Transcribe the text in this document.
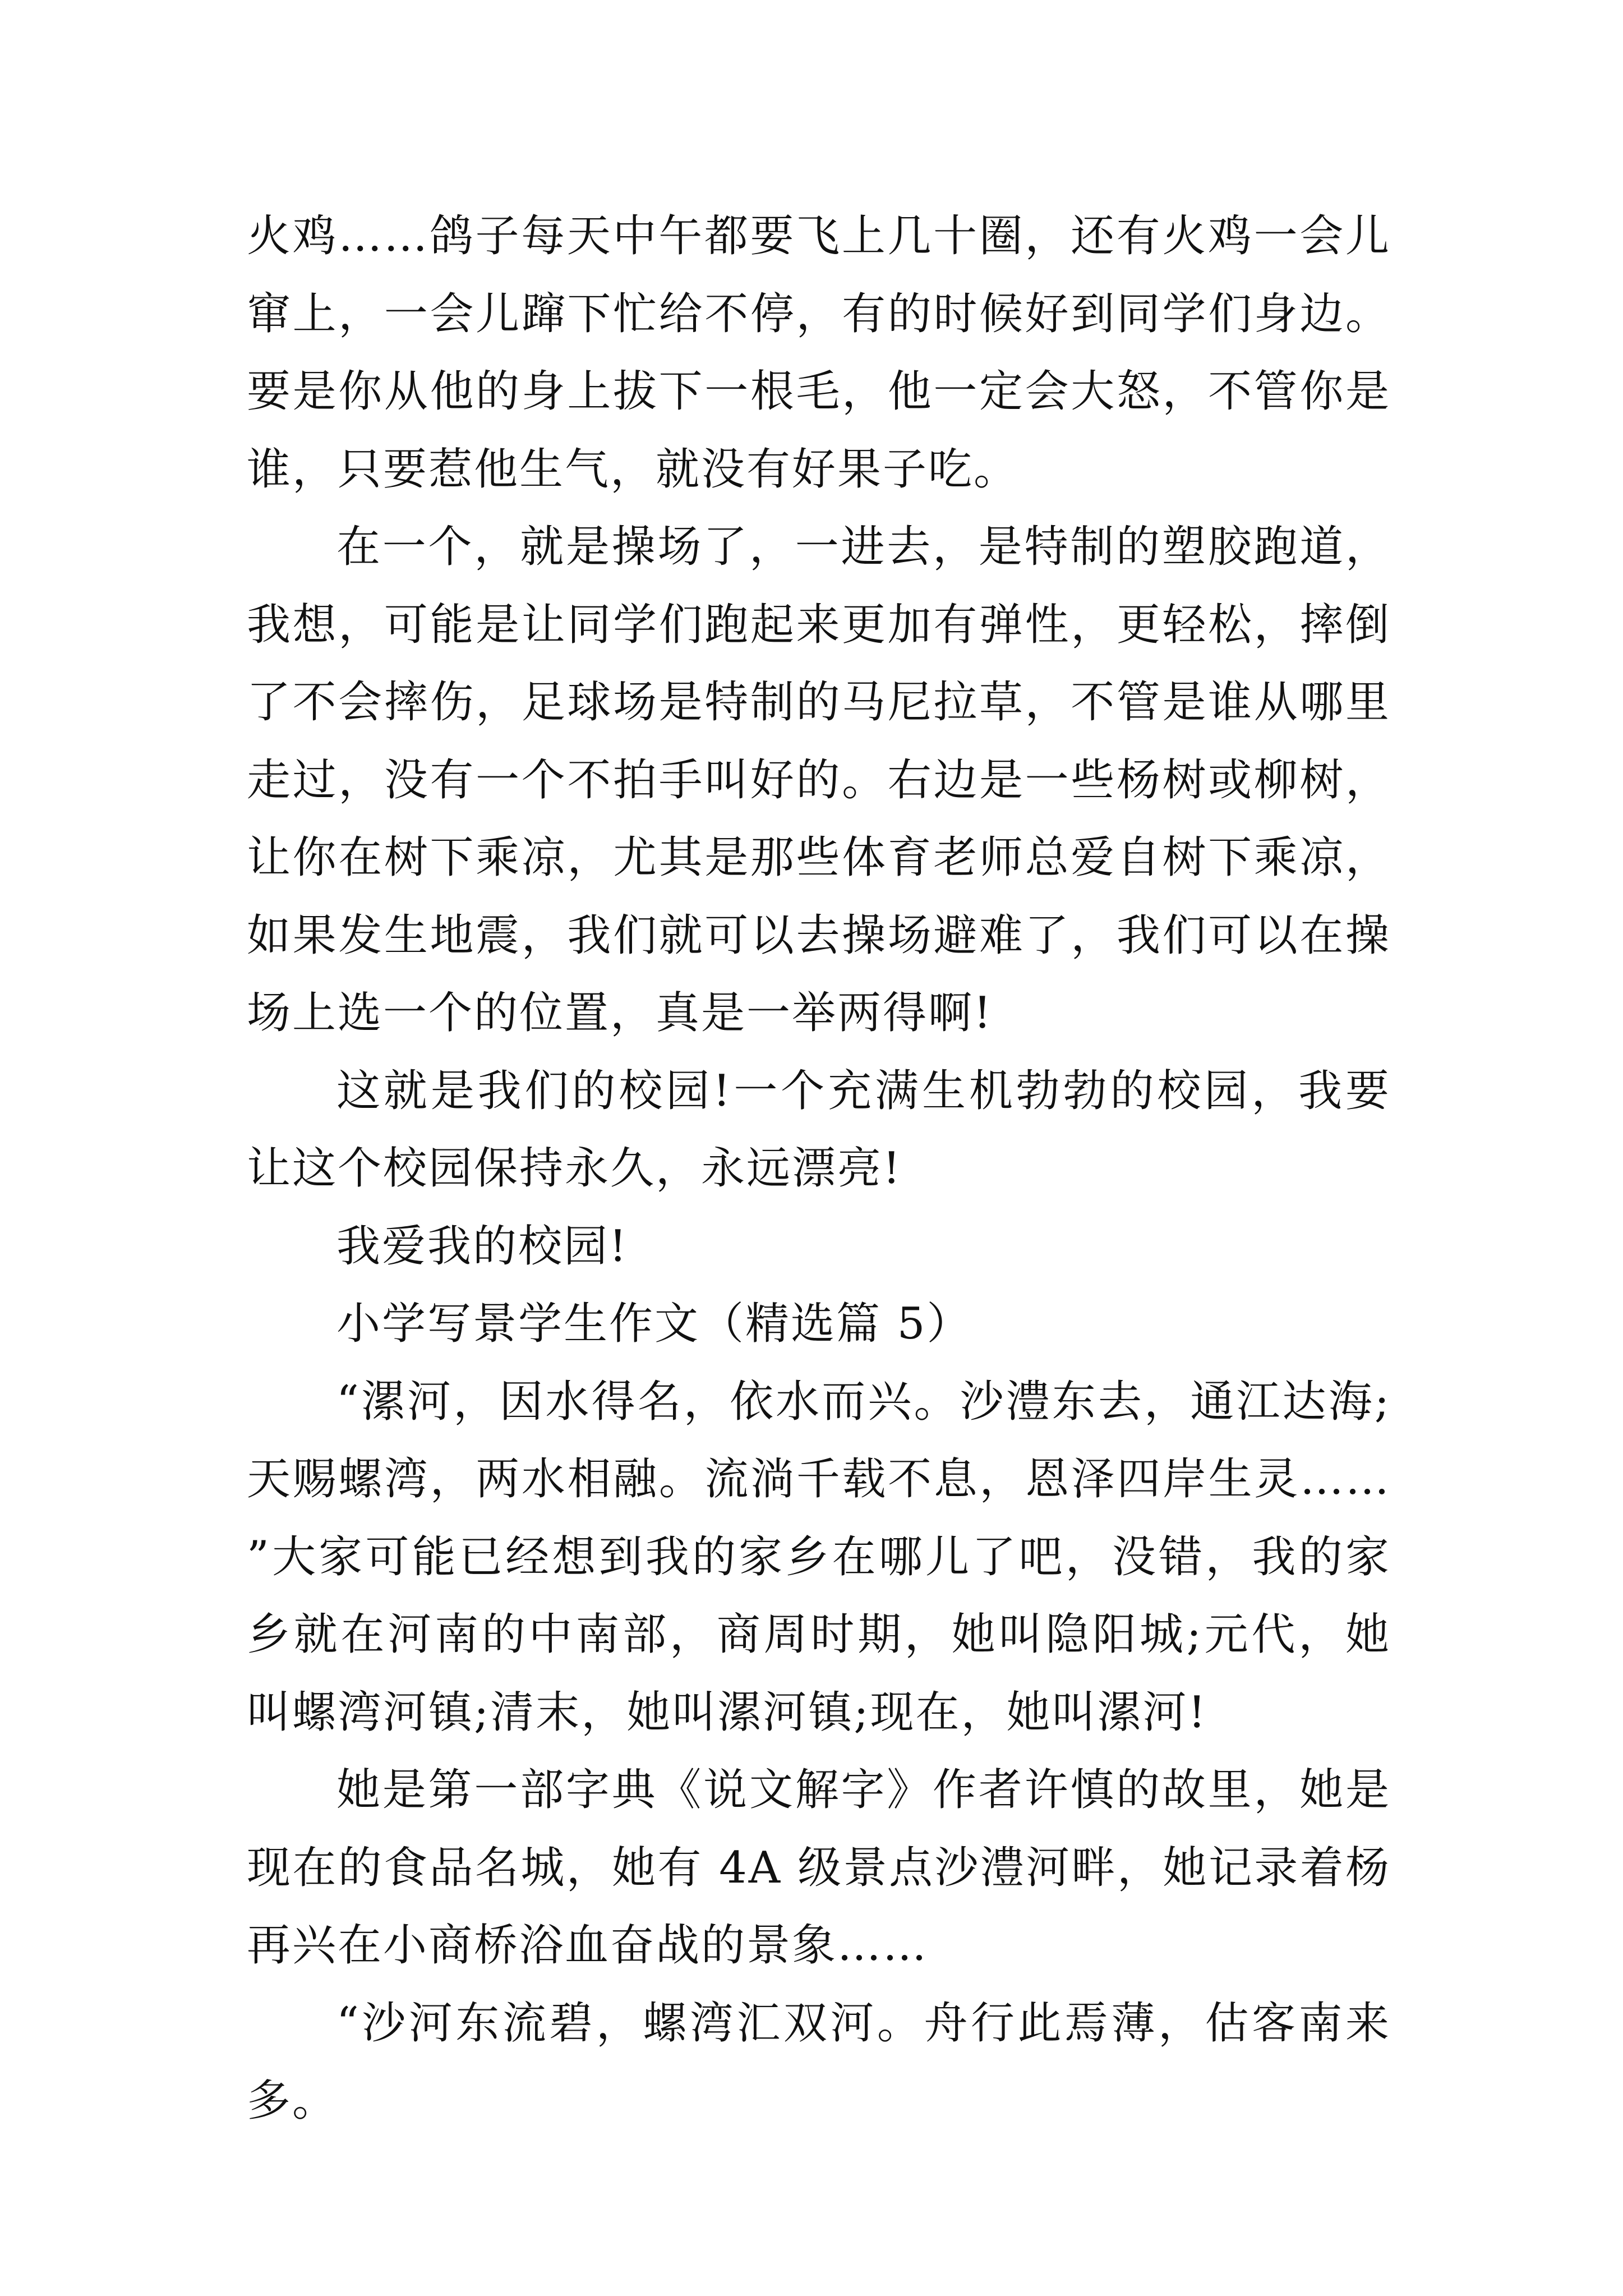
火鸡……鸽子每天中午都要飞上几十圈，还有火鸡一会儿窜上，一会儿蹿下忙给不停，有的时候好到同学们身边。要是你从他的身上拔下一根毛，他一定会大怒，不管你是谁，只要惹他生气，就没有好果子吃。

在一个，就是操场了，一进去，是特制的塑胶跑道，我想，可能是让同学们跑起来更加有弹性，更轻松，摔倒了不会摔伤，足球场是特制的马尼拉草，不管是谁从哪里走过，没有一个不拍手叫好的。右边是一些杨树或柳树，让你在树下乘凉，尤其是那些体育老师总爱自树下乘凉，如果发生地震，我们就可以去操场避难了，我们可以在操场上选一个的位置，真是一举两得啊!

这就是我们的校园!一个充满生机勃勃的校园，我要让这个校园保持永久，永远漂亮!

我爱我的校园!

小学写景学生作文（精选篇 5）

“漯河，因水得名，依水而兴。沙澧东去，通江达海;天赐螺湾，两水相融。流淌千载不息，恩泽四岸生灵……”大家可能已经想到我的家乡在哪儿了吧，没错，我的家乡就在河南的中南部，商周时期，她叫隐阳城;元代，她叫螺湾河镇;清末，她叫漯河镇;现在，她叫漯河!

她是第一部字典《说文解字》作者许慎的故里，她是现在的食品名城，她有 4A 级景点沙澧河畔，她记录着杨再兴在小商桥浴血奋战的景象……

“沙河东流碧，螺湾汇双河。舟行此焉薄，估客南来多。
